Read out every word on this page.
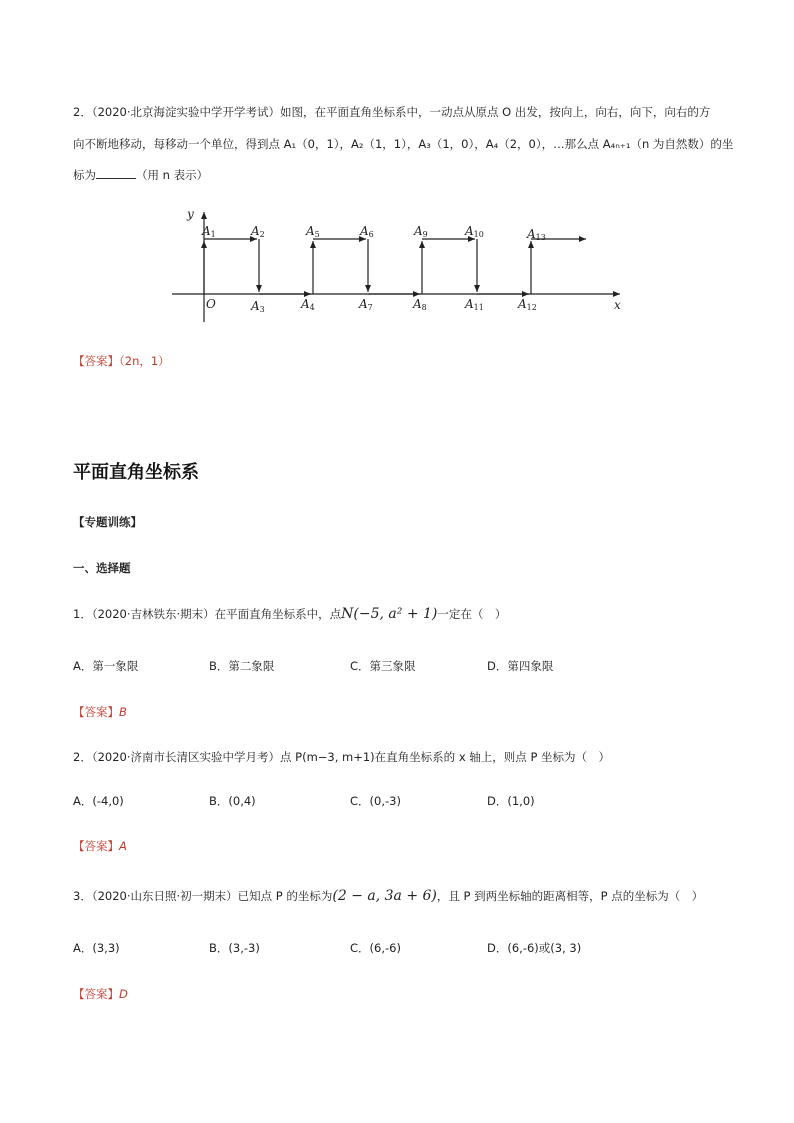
2．（2020·北京海淀实验中学开学考试）如图，在平面直角坐标系中，一动点从原点 O 出发，按向上，向右，向下，向右的方
向不断地移动，每移动一个单位，得到点 A₁（0，1），A₂（1，1），A₃（1，0），A₄（2，0），…那么点 A₄ₙ₊₁（n 为自然数）的坐
标为	（用 n 表示）
y
x
O
A1	A2
A3	A4
A5	A6
A7	A8
A9	A10
A11	A12
A13
【答案】（2n，1）
平面直角坐标系
【专题训练】
一、选择题
1．（2020·吉林铁东·期末）在平面直角坐标系中，点N(−5, a² + 1)一定在（　）
A．第一象限	B．第二象限	C．第三象限	D．第四象限
【答案】B
2．（2020·济南市长清区实验中学月考）点 P(m−3, m+1)在直角坐标系的 x 轴上，则点 P 坐标为（　）
A．(-4,0)	B．(0,4)	C．(0,-3)	D．(1,0)
【答案】A
3．（2020·山东日照·初一期末）已知点 P 的坐标为(2 − a, 3a + 6)，且 P 到两坐标轴的距离相等，P 点的坐标为（　）
A．(3,3)	B．(3,-3)	C．(6,-6)	D．(6,-6)或(3, 3)
【答案】D
